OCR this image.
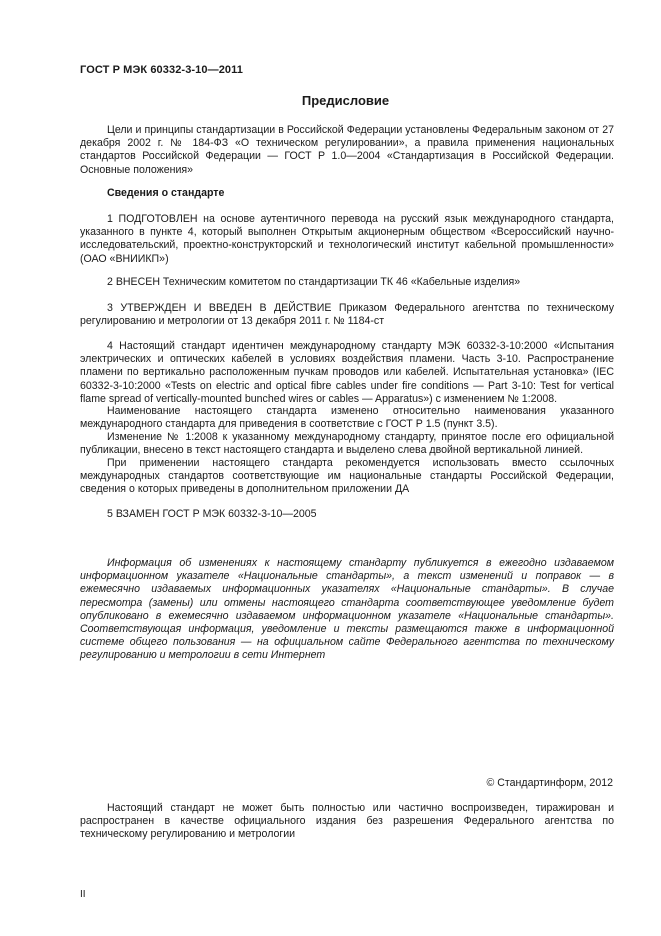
ГОСТ Р МЭК 60332-3-10—2011
Предисловие

Цели и принципы стандартизации в Российской Федерации установлены Федеральным законом от 27 декабря 2002 г. № 184-ФЗ «О техническом регулировании», а правила применения национальных стандартов Российской Федерации — ГОСТ Р 1.0—2004 «Стандартизация в Российской Федерации. Основные положения»

Сведения о стандарте

1 ПОДГОТОВЛЕН на основе аутентичного перевода на русский язык международного стандарта, указанного в пункте 4, который выполнен Открытым акционерным обществом «Всероссийский научно-исследовательский, проектно-конструкторский и технологический институт кабельной промышленности» (ОАО «ВНИИКП»)

2 ВНЕСЕН Техническим комитетом по стандартизации ТК 46 «Кабельные изделия»

3 УТВЕРЖДЕН И ВВЕДЕН В ДЕЙСТВИЕ Приказом Федерального агентства по техническому регулированию и метрологии от 13 декабря 2011 г. № 1184-ст

4 Настоящий стандарт идентичен международному стандарту МЭК 60332-3-10:2000 «Испытания электрических и оптических кабелей в условиях воздействия пламени. Часть 3-10. Распространение пламени по вертикально расположенным пучкам проводов или кабелей. Испытательная установка» (IEC 60332-3-10:2000 «Tests on electric and optical fibre cables under fire conditions — Part 3-10: Test for vertical flame spread of vertically-mounted bunched wires or cables — Apparatus») с изменением № 1:2008.

Наименование настоящего стандарта изменено относительно наименования указанного международного стандарта для приведения в соответствие с ГОСТ Р 1.5 (пункт 3.5).

Изменение № 1:2008 к указанному международному стандарту, принятое после его официальной публикации, внесено в текст настоящего стандарта и выделено слева двойной вертикальной линией.

При применении настоящего стандарта рекомендуется использовать вместо ссылочных международных стандартов соответствующие им национальные стандарты Российской Федерации, сведения о которых приведены в дополнительном приложении ДА

5 ВЗАМЕН ГОСТ Р МЭК 60332-3-10—2005

Информация об изменениях к настоящему стандарту публикуется в ежегодно издаваемом информационном указателе «Национальные стандарты», а текст изменений и поправок — в ежемесячно издаваемых информационных указателях «Национальные стандарты». В случае пересмотра (замены) или отмены настоящего стандарта соответствующее уведомление будет опубликовано в ежемесячно издаваемом информационном указателе «Национальные стандарты». Соответствующая информация, уведомление и тексты размещаются также в информационной системе общего пользования — на официальном сайте Федерального агентства по техническому регулированию и метрологии в сети Интернет

© Стандартинформ, 2012

Настоящий стандарт не может быть полностью или частично воспроизведен, тиражирован и распространен в качестве официального издания без разрешения Федерального агентства по техническому регулированию и метрологии

II
